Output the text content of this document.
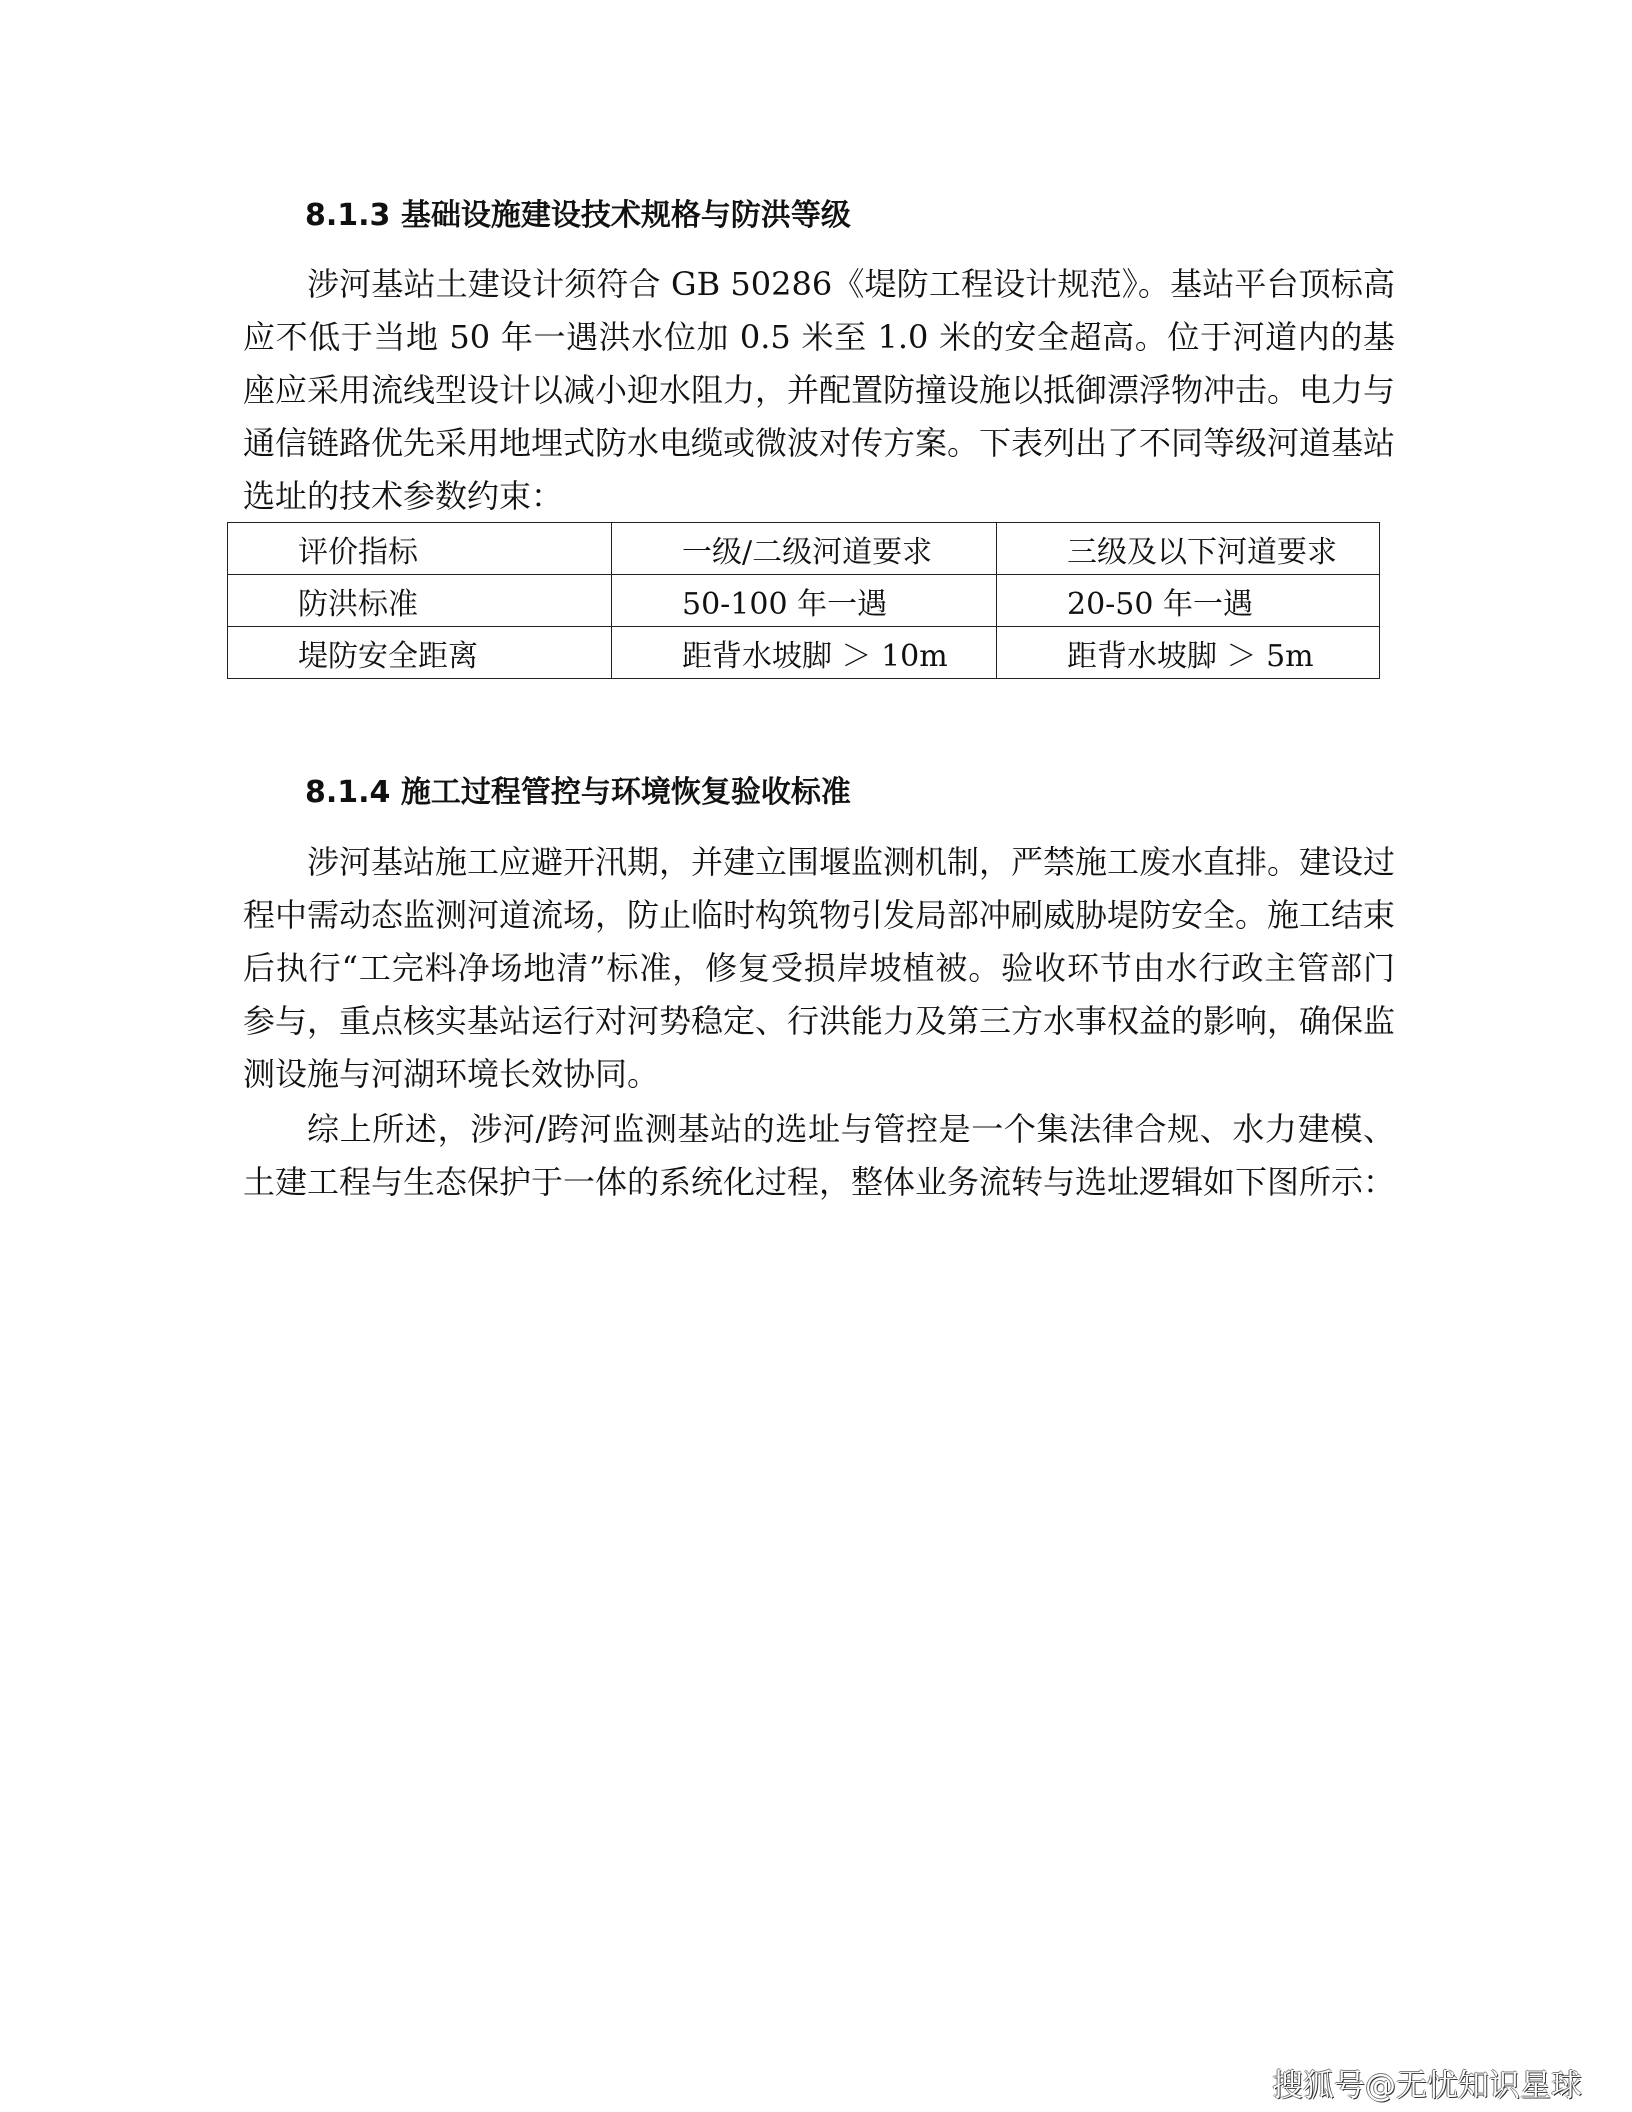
8.1.3 基础设施建设技术规格与防洪等级
涉河基站土建设计须符合 GB 50286《堤防工程设计规范》。基站平台顶标高应不低于当地 50 年一遇洪水位加 0.5 米至 1.0 米的安全超高。位于河道内的基座应采用流线型设计以减小迎水阻力，并配置防撞设施以抵御漂浮物冲击。电力与通信链路优先采用地埋式防水电缆或微波对传方案。下表列出了不同等级河道基站选址的技术参数约束：
评价指标	一级/二级河道要求	三级及以下河道要求
防洪标准	50-100 年一遇	20-50 年一遇
堤防安全距离	距背水坡脚 ＞ 10m	距背水坡脚 ＞ 5m
8.1.4 施工过程管控与环境恢复验收标准
涉河基站施工应避开汛期，并建立围堰监测机制，严禁施工废水直排。建设过程中需动态监测河道流场，防止临时构筑物引发局部冲刷威胁堤防安全。施工结束后执行“工完料净场地清”标准，修复受损岸坡植被。验收环节由水行政主管部门参与，重点核实基站运行对河势稳定、行洪能力及第三方水事权益的影响，确保监测设施与河湖环境长效协同。
综上所述，涉河/跨河监测基站的选址与管控是一个集法律合规、水力建模、土建工程与生态保护于一体的系统化过程，整体业务流转与选址逻辑如下图所示：
搜狐号@无忧知识星球
